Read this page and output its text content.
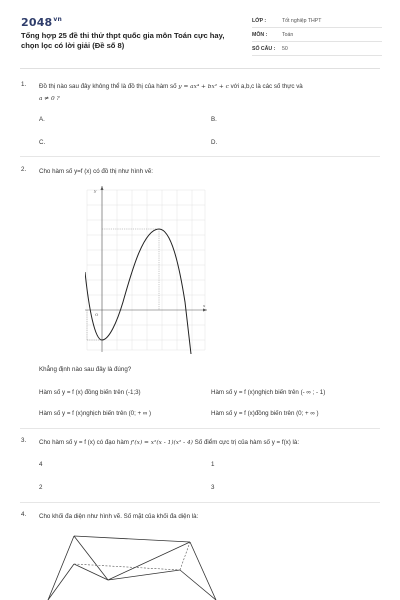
$2048^{vn}$
Tổng hợp 25 đề thi thử thpt quốc gia môn Toán cực hay, chọn lọc có lời giải (Đề số 8)
LỚP :	Tốt nghiệp THPT
MÔN :	Toán
SỐ CÂU :	50
1. Đồ thị nào sau đây không thể là đồ thị của hàm số y = ax⁴ + bx² + c với a,b,c là các số thực và
a ≠ 0 ?
A.	B.
C.	D.
2. Cho hàm số y=f (x) có đồ thị như hình vẽ:
x
y
O
Khẳng định nào sau đây là đúng?
Hàm số y = f (x) đồng biến trên (-1;3)	Hàm số y = f (x)nghịch biến trên (- ∞ ; - 1)
Hàm số y = f (x)nghịch biến trên (0; + ∞ )	Hàm số y = f (x)đồng biến trên (0; + ∞ )
3. Cho hàm số y = f (x) có đạo hàm f'(x) = x²(x - 1)(x² - 4) Số điểm cực trị của hàm số y = f(x) là:
4	1
2	3
4. Cho khối đa diện như hình vẽ. Số mặt của khối đa diện là:
